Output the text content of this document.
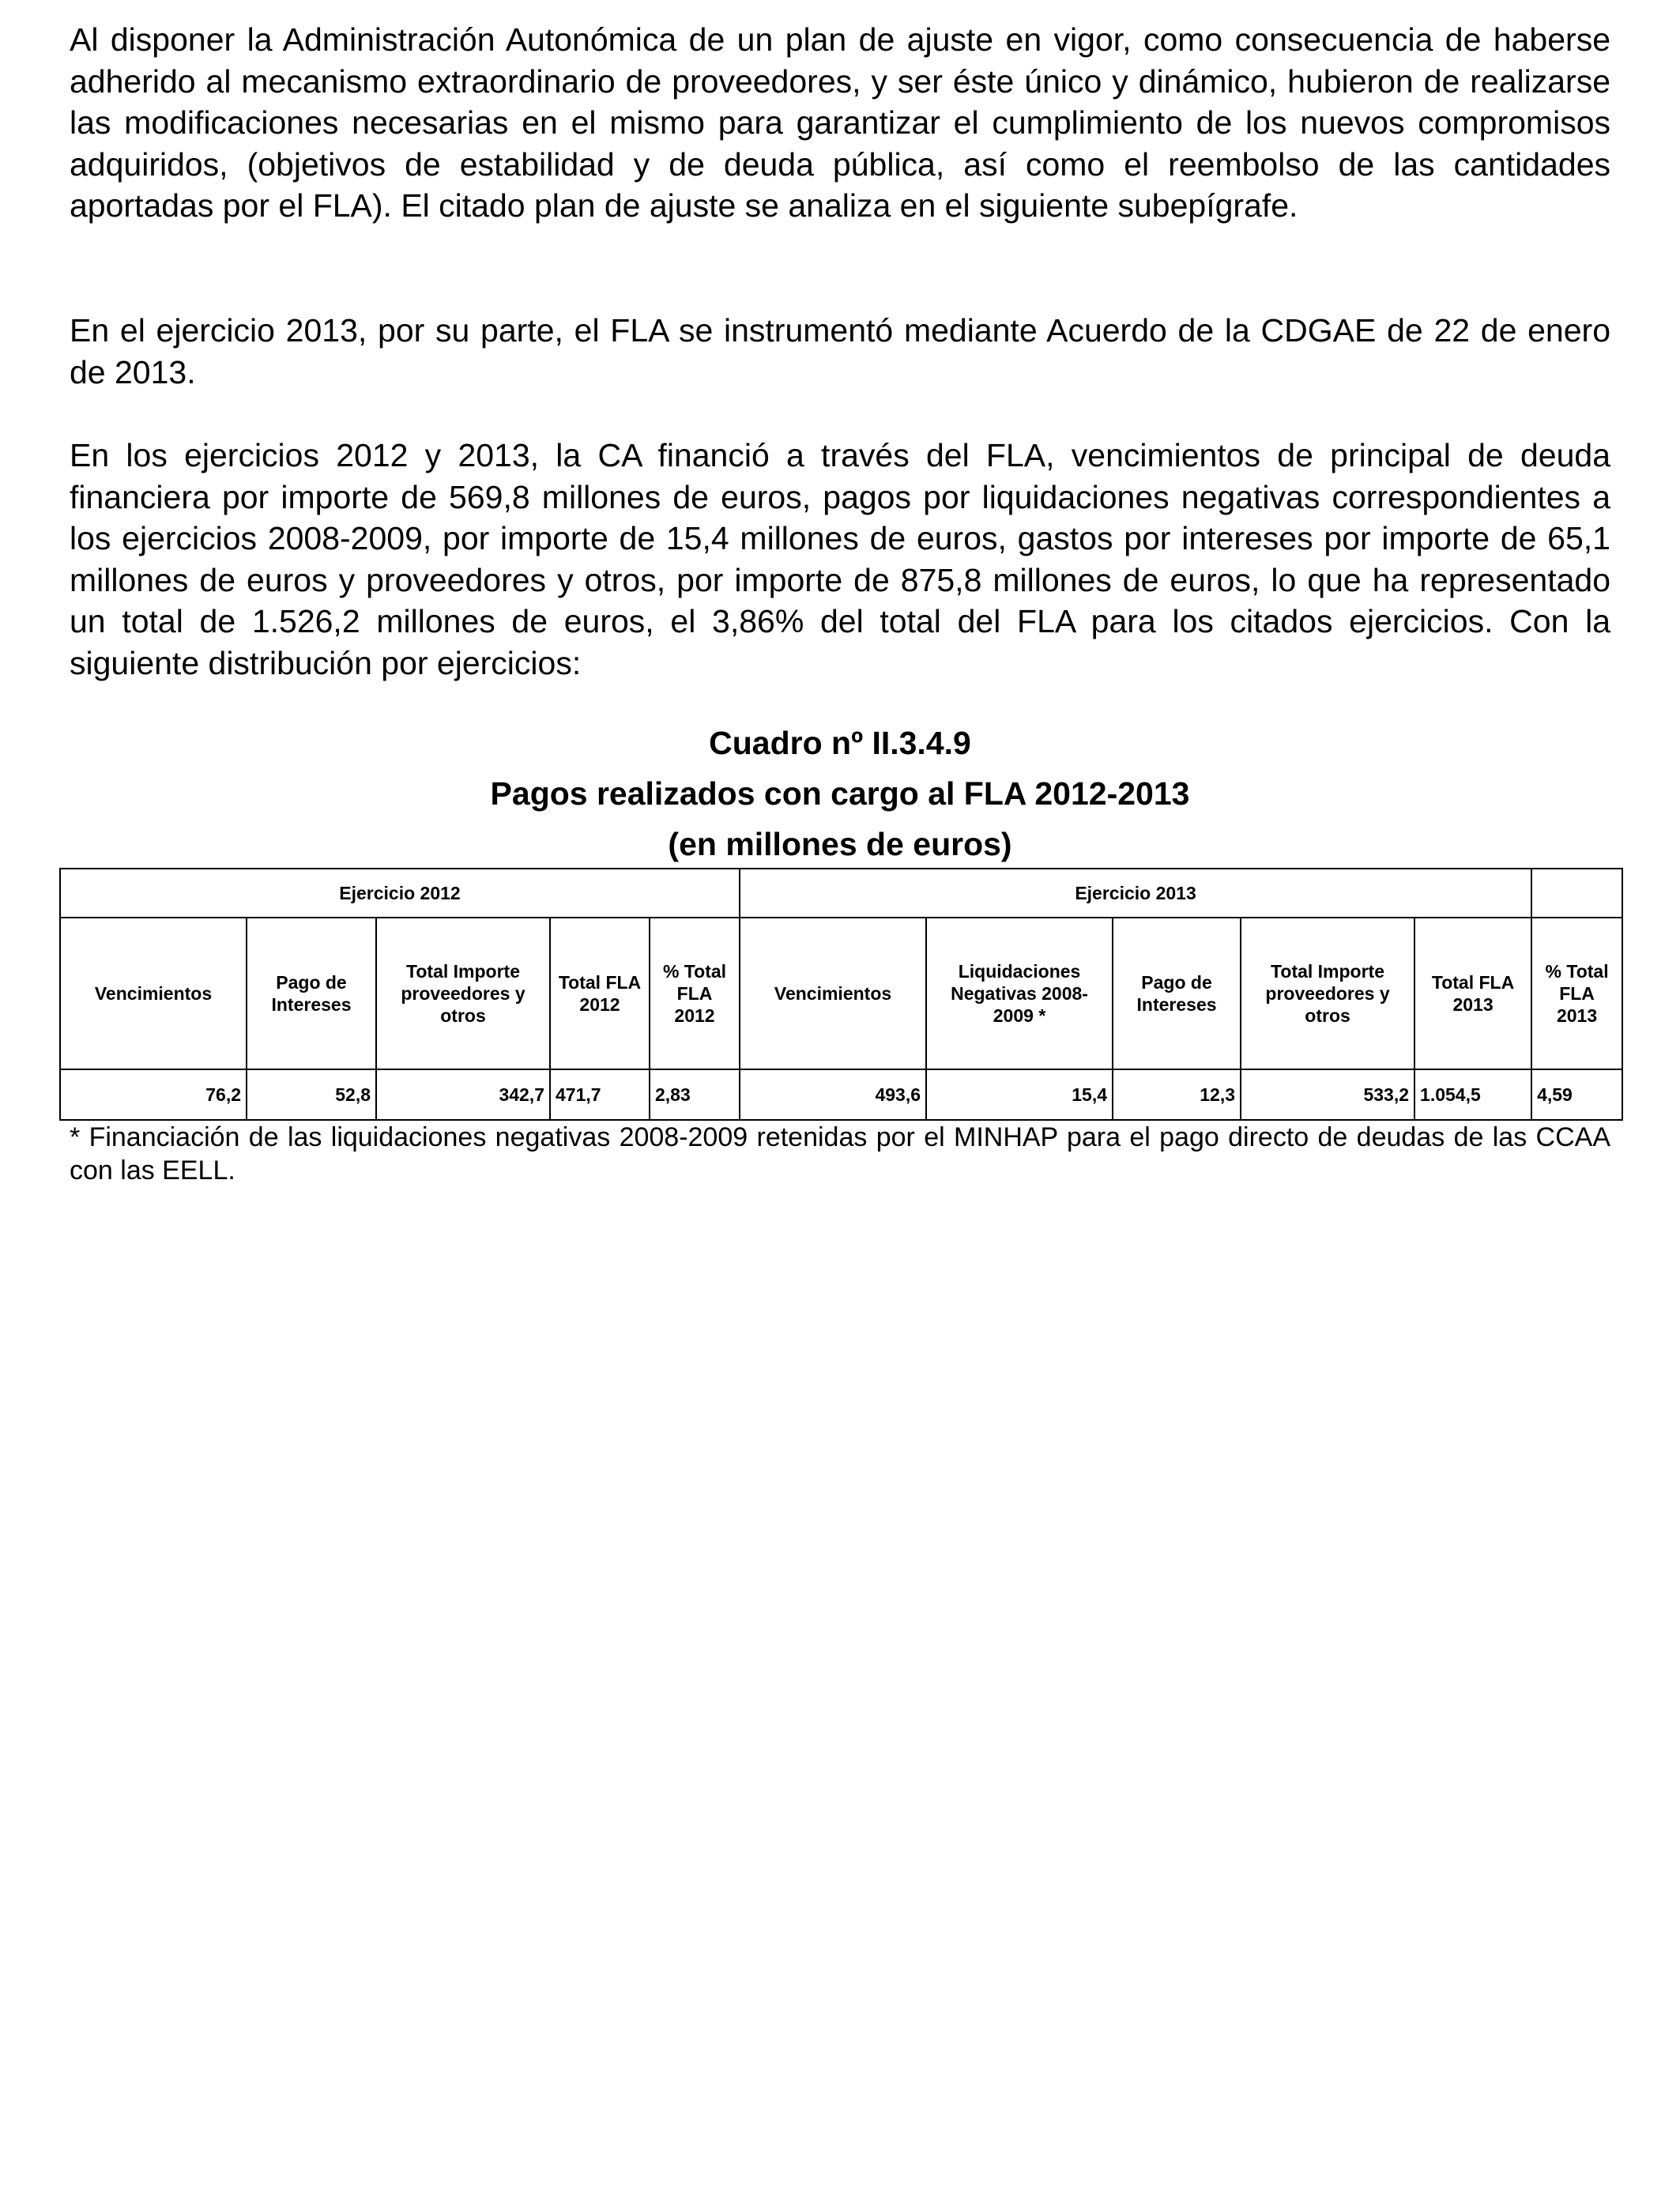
Al disponer la Administración Autonómica de un plan de ajuste en vigor, como consecuencia de haberse adherido al mecanismo extraordinario de proveedores, y ser éste único y dinámico, hubieron de realizarse las modificaciones necesarias en el mismo para garantizar el cumplimiento de los nuevos compromisos adquiridos, (objetivos de estabilidad y de deuda pública, así como el reembolso de las cantidades aportadas por el FLA). El citado plan de ajuste se analiza en el siguiente subepígrafe.

En el ejercicio 2013, por su parte, el FLA se instrumentó mediante Acuerdo de la CDGAE de 22 de enero de 2013.

En los ejercicios 2012 y 2013, la CA financió a través del FLA, vencimientos de principal de deuda financiera por importe de 569,8 millones de euros, pagos por liquidaciones negativas correspondientes a los ejercicios 2008-2009, por importe de 15,4 millones de euros, gastos por intereses por importe de 65,1 millones de euros y proveedores y otros, por importe de 875,8 millones de euros, lo que ha representado un total de 1.526,2 millones de euros, el 3,86% del total del FLA para los citados ejercicios. Con la siguiente distribución por ejercicios:

Cuadro nº II.3.4.9
Pagos realizados con cargo al FLA 2012-2013
(en millones de euros)
Ejercicio 2012					Ejercicio 2013					
Vencimientos	Pago de Intereses	Total Importe proveedores y otros	Total FLA 2012	% Total FLA 2012	Vencimientos	Liquidaciones Negativas 2008-2009 *	Pago de Intereses	Total Importe proveedores y otros	Total FLA 2013	% Total FLA 2013
76,2	52,8	342,7	471,7	2,83	493,6	15,4	12,3	533,2	1.054,5	4,59

* Financiación de las liquidaciones negativas 2008-2009 retenidas por el MINHAP para el pago directo de deudas de las CCAA con las EELL.
